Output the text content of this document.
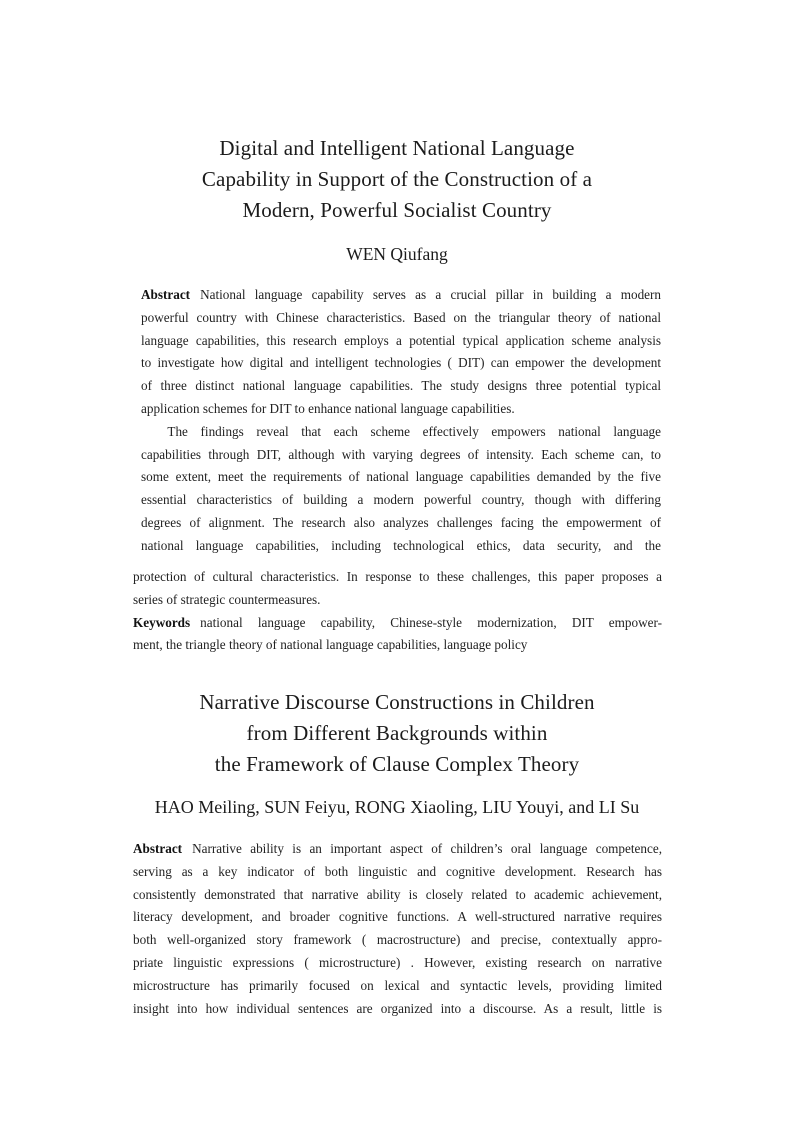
Digital and Intelligent National Language
Capability in Support of the Construction of a
Modern, Powerful Socialist Country
WEN Qiufang
Abstract National language capability serves as a crucial pillar in building a modern
powerful country with Chinese characteristics. Based on the triangular theory of national
language capabilities, this research employs a potential typical application scheme analysis
to investigate how digital and intelligent technologies ( DIT) can empower the development
of three distinct national language capabilities. The study designs three potential typical
application schemes for DIT to enhance national language capabilities.
The findings reveal that each scheme effectively empowers national language
capabilities through DIT, although with varying degrees of intensity. Each scheme can, to
some extent, meet the requirements of national language capabilities demanded by the five
essential characteristics of building a modern powerful country, though with differing
degrees of alignment. The research also analyzes challenges facing the empowerment of
national language capabilities, including technological ethics, data security, and the
protection of cultural characteristics. In response to these challenges, this paper proposes a
series of strategic countermeasures.
Keywords national language capability, Chinese-style modernization, DIT empower-
ment, the triangle theory of national language capabilities, language policy
Narrative Discourse Constructions in Children
from Different Backgrounds within
the Framework of Clause Complex Theory
HAO Meiling, SUN Feiyu, RONG Xiaoling, LIU Youyi, and LI Su
Abstract Narrative ability is an important aspect of children’s oral language competence,
serving as a key indicator of both linguistic and cognitive development. Research has
consistently demonstrated that narrative ability is closely related to academic achievement,
literacy development, and broader cognitive functions. A well-structured narrative requires
both well-organized story framework ( macrostructure) and precise, contextually appro-
priate linguistic expressions ( microstructure) . However, existing research on narrative
microstructure has primarily focused on lexical and syntactic levels, providing limited
insight into how individual sentences are organized into a discourse. As a result, little is
